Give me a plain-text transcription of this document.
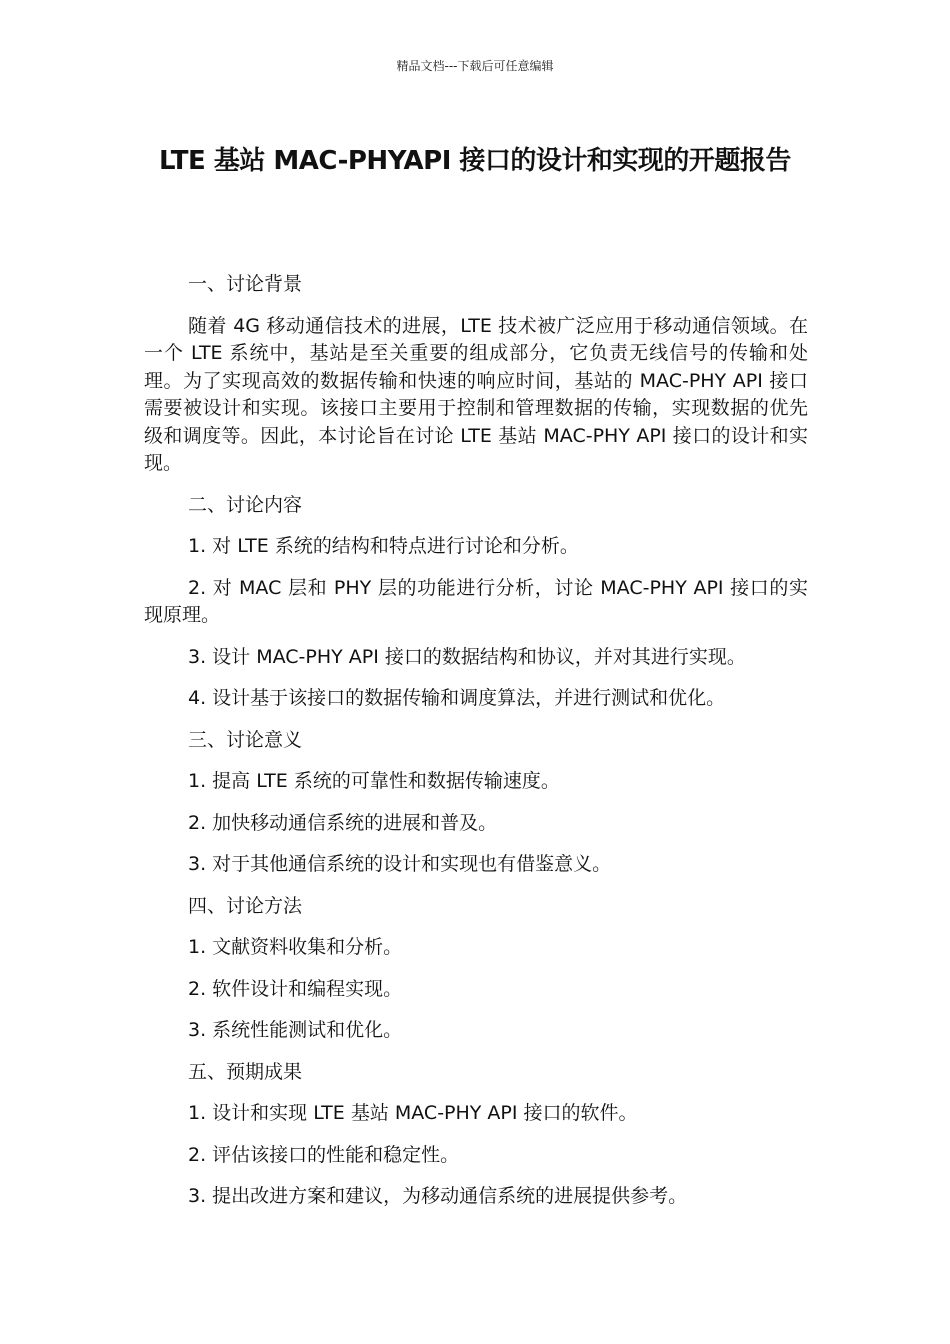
精品文档---下载后可任意编辑
LTE 基站 MAC-PHYAPI 接口的设计和实现的开题报告

一、讨论背景

随着 4G 移动通信技术的进展，LTE 技术被广泛应用于移动通信领域。在一个 LTE 系统中，基站是至关重要的组成部分，它负责无线信号的传输和处理。为了实现高效的数据传输和快速的响应时间，基站的 MAC-PHY API 接口需要被设计和实现。该接口主要用于控制和管理数据的传输，实现数据的优先级和调度等。因此，本讨论旨在讨论 LTE 基站 MAC-PHY API 接口的设计和实现。

二、讨论内容

1. 对 LTE 系统的结构和特点进行讨论和分析。

2. 对 MAC 层和 PHY 层的功能进行分析，讨论 MAC-PHY API 接口的实现原理。

3. 设计 MAC-PHY API 接口的数据结构和协议，并对其进行实现。

4. 设计基于该接口的数据传输和调度算法，并进行测试和优化。

三、讨论意义

1. 提高 LTE 系统的可靠性和数据传输速度。

2. 加快移动通信系统的进展和普及。

3. 对于其他通信系统的设计和实现也有借鉴意义。

四、讨论方法

1. 文献资料收集和分析。

2. 软件设计和编程实现。

3. 系统性能测试和优化。

五、预期成果

1. 设计和实现 LTE 基站 MAC-PHY API 接口的软件。

2. 评估该接口的性能和稳定性。

3. 提出改进方案和建议，为移动通信系统的进展提供参考。
